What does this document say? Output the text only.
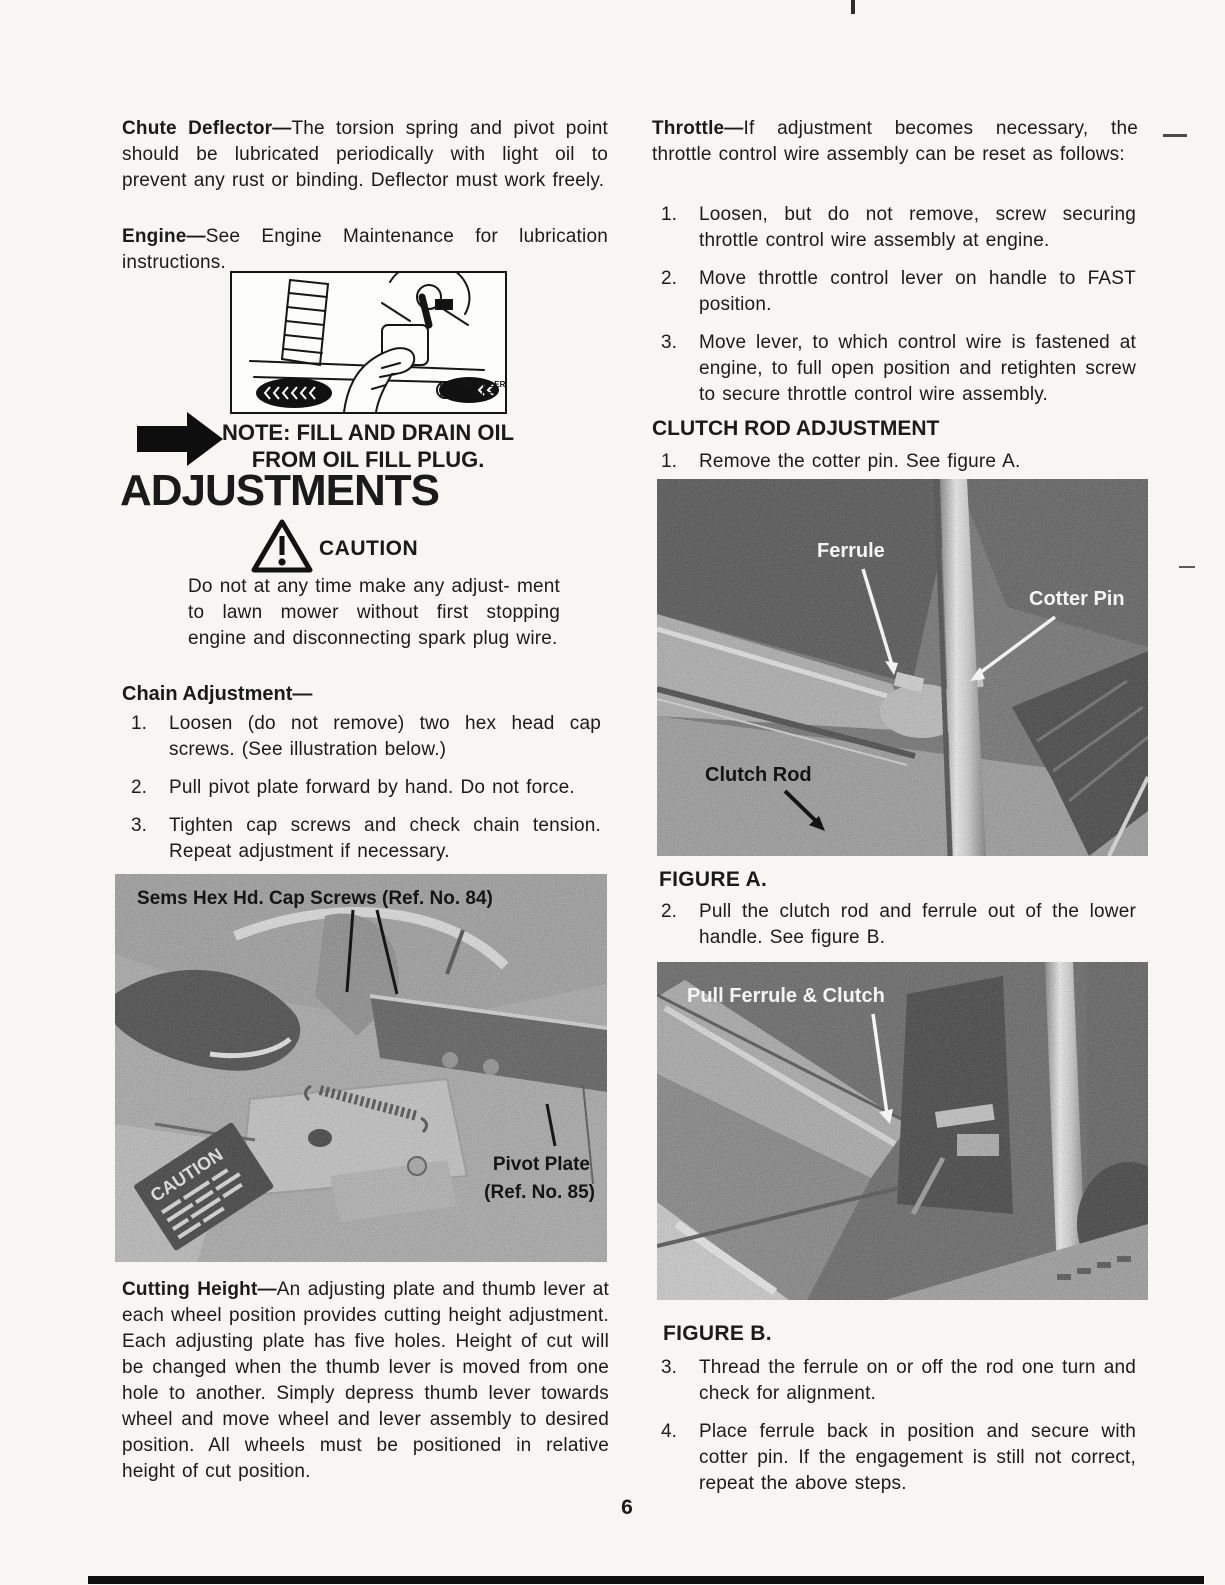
Chute Deflector—The torsion spring and pivot point should be lubricated periodically with light oil to prevent any rust or binding. Deflector must work freely.

Engine—See Engine Maintenance for lubrication instructions.

OIL FILLER
PLUG
NOTE: FILL AND DRAIN OIL
FROM OIL FILL PLUG.
ADJUSTMENTS
CAUTION

Do not at any time make any adjust- ment to lawn mower without first stopping engine and disconnecting spark plug wire.

Chain Adjustment—
1.	Loosen (do not remove) two hex head cap screws. (See illustration below.)
2.	Pull pivot plate forward by hand. Do not force.
3.	Tighten cap screws and check chain tension. Repeat adjustment if necessary.
Sems Hex Hd. Cap Screws (Ref. No. 84)
Pivot Plate
(Ref. No. 85)

Cutting Height—An adjusting plate and thumb lever at each wheel position provides cutting height adjustment. Each adjusting plate has five holes. Height of cut will be changed when the thumb lever is moved from one hole to another. Simply depress thumb lever towards wheel and move wheel and lever assembly to desired position. All wheels must be positioned in relative height of cut position.

Throttle—If adjustment becomes necessary, the throttle control wire assembly can be reset as follows:

1.	Loosen, but do not remove, screw securing throttle control wire assembly at engine.
2.	Move throttle control lever on handle to FAST position.
3.	Move lever, to which control wire is fastened at engine, to full open position and retighten screw to secure throttle control wire assembly.
CLUTCH ROD ADJUSTMENT
1.	Remove the cotter pin. See figure A.
Ferrule
Cotter Pin
Clutch Rod
FIGURE A.
2.	Pull the clutch rod and ferrule out of the lower handle. See figure B.
Pull Ferrule & Clutch
FIGURE B.
3.	Thread the ferrule on or off the rod one turn and check for alignment.
4.	Place ferrule back in position and secure with cotter pin. If the engagement is still not correct, repeat the above steps.
6
